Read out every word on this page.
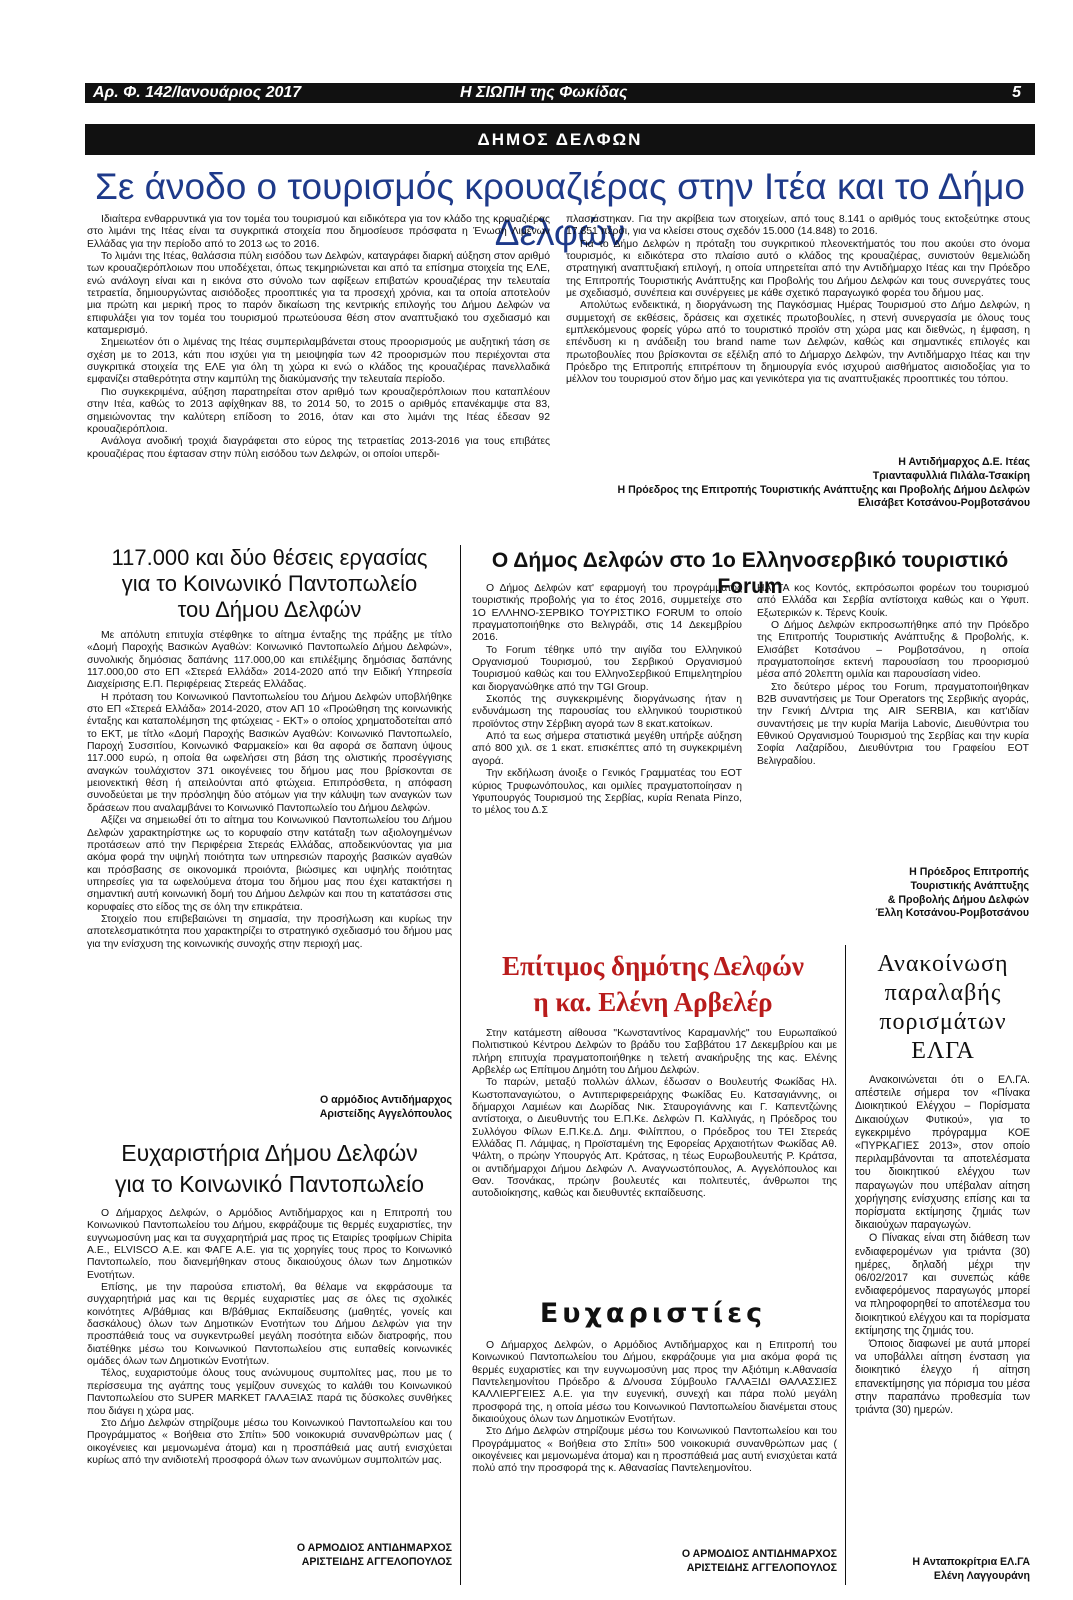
Αρ. Φ. 142/Ιανουάριος 2017	Η ΣΙΩΠΗ της Φωκίδας	5
ΔΗΜΟΣ ΔΕΛΦΩΝ
Σε άνοδο ο τουρισμός κρουαζιέρας στην Ιτέα και το Δήμο Δελφών

Ιδιαίτερα ενθαρρυντικά για τον τομέα του τουρισμού και ειδικότερα για τον κλάδο της κρουαζιέρας στο λιμάνι της Ιτέας είναι τα συγκριτικά στοιχεία που δημοσίευσε πρόσφατα η Ένωση Λιμένων Ελλάδας για την περίοδο από το 2013 ως το 2016.

Το λιμάνι της Ιτέας, θαλάσσια πύλη εισόδου των Δελφών, καταγράφει διαρκή αύξηση στον αριθμό των κρουαζιερόπλοιων που υποδέχεται, όπως τεκμηριώνεται και από τα επίσημα στοιχεία της ΕΛΕ, ενώ ανάλογη είναι και η εικόνα στο σύνολο των αφίξεων επιβατών κρουαζιέρας την τελευταία τετραετία, δημιουργώντας αισιόδοξες προοπτικές για τα προσεχή χρόνια, και τα οποία αποτελούν μια πρώτη και μερική προς το παρόν δικαίωση της κεντρικής επιλογής του Δήμου Δελφών να επιφυλάξει για τον τομέα του τουρισμού πρωτεύουσα θέση στον αναπτυξιακό του σχεδιασμό και καταμερισμό.

Σημειωτέον ότι ο λιμένας της Ιτέας συμπεριλαμβάνεται στους προορισμούς με αυξητική τάση σε σχέση με το 2013, κάτι που ισχύει για τη μειοψηφία των 42 προορισμών που περιέχονται στα συγκριτικά στοιχεία της ΕΛΕ για όλη τη χώρα κι ενώ ο κλάδος της κρουαζιέρας πανελλαδικά εμφανίζει σταθερότητα στην καμπύλη της διακύμανσής την τελευταία περίοδο.

Πιο συγκεκριμένα, αύξηση παρατηρείται στον αριθμό των κρουαζιερόπλοιων που καταπλέουν στην Ιτέα, καθώς το 2013 αφίχθηκαν 88, το 2014 50, το 2015 ο αριθμός επανέκαμψε στα 83, σημειώνοντας την καλύτερη επίδοση το 2016, όταν και στο λιμάνι της Ιτέας έδεσαν 92 κρουαζιερόπλοια.

Ανάλογα ανοδική τροχιά διαγράφεται στο εύρος της τετραετίας 2013-2016 για τους επιβάτες κρουαζιέρας που έφτασαν στην πύλη εισόδου των Δελφών, οι οποίοι υπερδι-

πλασιάστηκαν. Για την ακρίβεια των στοιχείων, από τους 8.141 ο αριθμός τους εκτοξεύτηκε στους 17.851 πέρσι, για να κλείσει στους σχεδόν 15.000 (14.848) το 2016.

Για το Δήμο Δελφών η πρόταξη του συγκριτικού πλεονεκτήματός του που ακούει στο όνομα τουρισμός, κι ειδικότερα στο πλαίσιο αυτό ο κλάδος της κρουαζιέρας, συνιστούν θεμελιώδη στρατηγική αναπτυξιακή επιλογή, η οποία υπηρετείται από την Αντιδήμαρχο Ιτέας και την Πρόεδρο της Επιτροπής Τουριστικής Ανάπτυξης και Προβολής του Δήμου Δελφών και τους συνεργάτες τους με σχεδιασμό, συνέπεια και συνέργειες με κάθε σχετικό παραγωγικό φορέα του δήμου μας.

Απολύτως ενδεικτικά, η διοργάνωση της Παγκόσμιας Ημέρας Τουρισμού στο Δήμο Δελφών, η συμμετοχή σε εκθέσεις, δράσεις και σχετικές πρωτοβουλίες, η στενή συνεργασία με όλους τους εμπλεκόμενους φορείς γύρω από το τουριστικό προϊόν στη χώρα μας και διεθνώς, η έμφαση, η επένδυση κι η ανάδειξη του brand name των Δελφών, καθώς και σημαντικές επιλογές και πρωτοβουλίες που βρίσκονται σε εξέλιξη από το Δήμαρχο Δελφών, την Αντιδήμαρχο Ιτέας και την Πρόεδρο της Επιτροπής επιτρέπουν τη δημιουργία ενός ισχυρού αισθήματος αισιοδοξίας για το μέλλον του τουρισμού στον δήμο μας και γενικότερα για τις αναπτυξιακές προοπτικές του τόπου.

Η Αντιδήμαρχος Δ.Ε. Ιτέας
Τριανταφυλλιά Πιλάλα-Τσακίρη
Η Πρόεδρος της Επιτροπής Τουριστικής Ανάπτυξης και Προβολής Δήμου Δελφών
Ελισάβετ Κοτσάνου-Ρομβοτσάνου
117.000 και δύο θέσεις εργασίας
για το Κοινωνικό Παντοπωλείο
του Δήμου Δελφών

Με απόλυτη επιτυχία στέφθηκε το αίτημα ένταξης της πράξης με τίτλο «Δομή Παροχής Βασικών Αγαθών: Κοινωνικό Παντοπωλείο Δήμου Δελφών», συνολικής δημόσιας δαπάνης 117.000,00 και επιλέξιμης δημόσιας δαπάνης 117.000,00 στο ΕΠ «Στερεά Ελλάδα» 2014-2020 από την Ειδική Υπηρεσία Διαχείρισης Ε.Π. Περιφέρειας Στερεάς Ελλάδας.

Η πρόταση του Κοινωνικού Παντοπωλείου του Δήμου Δελφών υποβλήθηκε στο ΕΠ «Στερεά Ελλάδα» 2014-2020, στον ΑΠ 10 «Προώθηση της κοινωνικής ένταξης και καταπολέμηση της φτώχειας - ΕΚΤ» ο οποίος χρηματοδοτείται από το ΕΚΤ, με τίτλο «Δομή Παροχής Βασικών Αγαθών: Κοινωνικό Παντοπωλείο, Παροχή Συσσιτίου, Κοινωνικό Φαρμακείο» και θα αφορά σε δαπανη ύψους 117.000 ευρώ, η οποία θα ωφελήσει στη βάση της ολιστικής προσέγγισης αναγκών τουλάχιστον 371 οικογένειες του δήμου μας που βρίσκονται σε μειονεκτική θέση ή απειλούνται από φτώχεια. Επιπρόσθετα, η απόφαση συνοδεύεται με την πρόσληψη δύο ατόμων για την κάλυψη των αναγκών των δράσεων που αναλαμβάνει το Κοινωνικό Παντοπωλείο του Δήμου Δελφών.

Αξίζει να σημειωθεί ότι το αίτημα του Κοινωνικού Παντοπωλείου του Δήμου Δελφών χαρακτηρίστηκε ως το κορυφαίο στην κατάταξη των αξιολογημένων προτάσεων από την Περιφέρεια Στερεάς Ελλάδας, αποδεικνύοντας για μια ακόμα φορά την υψηλή ποιότητα των υπηρεσιών παροχής βασικών αγαθών και πρόσβασης σε οικονομικά προιόντα, βιώσιμες και υψηλής ποιότητας υπηρεσίες για τα ωφελούμενα άτομα του δήμου μας που έχει κατακτήσει η σημαντική αυτή κοινωνική δομή του Δήμου Δελφών και που τη κατατάσσει στις κορυφαίες στο είδος της σε όλη την επικράτεια.

Στοιχείο που επιβεβαιώνει τη σημασία, την προσήλωση και κυρίως την αποτελεσματικότητα που χαρακτηρίζει το στρατηγικό σχεδιασμό του δήμου μας για την ενίσχυση της κοινωνικής συνοχής στην περιοχή μας.

Ο αρμόδιος Αντιδήμαρχος
Αριστείδης Αγγελόπουλος
Ευχαριστήρια Δήμου Δελφών
για το Κοινωνικό Παντοπωλείο

Ο Δήμαρχος Δελφών, ο Αρμόδιος Αντιδήμαρχος και η Επιτροπή του Κοινωνικού Παντοπωλείου του Δήμου, εκφράζουμε τις θερμές ευχαριστίες, την ευγνωμοσύνη μας και τα συγχαρητήριά μας προς τις Εταιρίες τροφίμων Chipita Α.Ε., ELVISCO Α.Ε. και ΦΑΓΕ Α.Ε. για τις χορηγίες τους προς το Κοινωνικό Παντοπωλείο, που διανεμήθηκαν στους δικαιούχους όλων των Δημοτικών Ενοτήτων.

Επίσης, με την παρούσα επιστολή, θα θέλαμε να εκφράσουμε τα συγχαρητήριά μας και τις θερμές ευχαριστίες μας σε όλες τις σχολικές κοινότητες Α/βάθμιας και Β/βάθμιας Εκπαίδευσης (μαθητές, γονείς και δασκάλους) όλων των Δημοτικών Ενοτήτων του Δήμου Δελφών για την προσπάθειά τους να συγκεντρωθεί μεγάλη ποσότητα ειδών διατροφής, που διατέθηκε μέσω του Κοινωνικού Παντοπωλείου στις ευπαθείς κοινωνικές ομάδες όλων των Δημοτικών Ενοτήτων.

Τέλος, ευχαριστούμε όλους τους ανώνυμους συμπολίτες μας, που με το περίσσευμα της αγάπης τους γεμίζουν συνεχώς το καλάθι του Κοινωνικού Παντοπωλείου στο SUPER MARKET ΓΑΛΑΞΙΑΣ παρά τις δύσκολες συνθήκες που διάγει η χώρα μας.

Στο Δήμο Δελφών στηρίζουμε μέσω του Κοινωνικού Παντοπωλείου και του Προγράμματος « Βοήθεια στο Σπίτι» 500 νοικοκυριά συνανθρώπων μας ( οικογένειες και μεμονωμένα άτομα) και η προσπάθειά μας αυτή ενισχύεται κυρίως από την ανιδιοτελή προσφορά όλων των ανωνύμων συμπολιτών μας.

Ο ΑΡΜΟΔΙΟΣ ΑΝΤΙΔΗΜΑΡΧΟΣ
ΑΡΙΣΤΕΙΔΗΣ ΑΓΓΕΛΟΠΟΥΛΟΣ
Ο Δήμος Δελφών στο 1ο Ελληνοσερβικό τουριστικό Forum

Ο Δήμος Δελφών κατ' εφαρμογή του προγράμματος τουριστικής προβολής για το έτος 2016, συμμετείχε στο 1Ο ΕΛΛΗΝΟ-ΣΕΡΒΙΚΟ ΤΟΥΡΙΣΤΙΚΟ FORUM το οποίο πραγματοποιήθηκε στο Βελιγράδι, στις 14 Δεκεμβρίου 2016.

Το Forum τέθηκε υπό την αιγίδα του Ελληνικού Οργανισμού Τουρισμού, του Σερβικού Οργανισμού Τουρισμού καθώς και του ΕλληνοΣερβικού Επιμελητηρίου και διοργανώθηκε από την TGI Group.

Σκοπός της συγκεκριμένης διοργάνωσης ήταν η ενδυνάμωση της παρουσίας του ελληνικού τουριστικού προϊόντος στην Σέρβικη αγορά των 8 εκατ.κατοίκων.

Από τα εως σήμερα στατιστικά μεγέθη υπήρξε αύξηση από 800 χιλ. σε 1 εκατ. επισκέπτες από τη συγκεκριμένη αγορά.

Την εκδήλωση άνοιξε ο Γενικός Γραμματέας του ΕΟΤ κύριος Τρυφωνόπουλος, και ομιλίες πραγματοποίησαν η Υφυπουργός Τουρισμού της Σερβίας, κυρία Renata Pinzo, το μέλος του Δ.Σ

HATTA κος Κοντός, εκπρόσωποι φορέων του τουρισμού από Ελλάδα και Σερβία αντίστοιχα καθώς και ο Υφυπ. Εξωτερικών κ. Τέρενς Κουίκ.

Ο Δήμος Δελφών εκπροσωπήθηκε από την Πρόεδρο της Επιτροπής Τουριστικής Ανάπτυξης & Προβολής, κ. Ελισάβετ Κοτσάνου – Ρομβοτσάνου, η οποία πραγματοποίησε εκτενή παρουσίαση του προορισμού μέσα από 20λεπτη ομιλία και παρουσίαση video.

Στο δεύτερο μέρος του Forum, πραγματοποιήθηκαν B2B συναντήσεις με Tour Operators της Σερβικής αγοράς, την Γενική Δ/ντρια της AIR SERBIA, και κατ'ιδίαν συναντήσεις με την κυρία Marija Labovic, Διευθύντρια του Εθνικού Οργανισμού Τουρισμού της Σερβίας και την κυρία Σοφία Λαζαρίδου, Διευθύντρια του Γραφείου ΕΟΤ Βελιγραδίου.

Η Πρόεδρος Επιτροπής
Τουριστικής Ανάπτυξης
& Προβολής Δήμου Δελφών
Έλλη Κοτσάνου-Ρομβοτσάνου
Επίτιμος δημότης Δελφών
η κα. Ελένη Αρβελέρ

Στην κατάμεστη αίθουσα "Κωνσταντίνος Καραμανλής" του Ευρωπαϊκού Πολιτιστικού Κέντρου Δελφών το βράδυ του Σαββάτου 17 Δεκεμβρίου και με πλήρη επιτυχία πραγματοποιήθηκε η τελετή ανακήρυξης της κας. Ελένης Αρβελέρ ως Επίτιμου Δημότη του Δήμου Δελφών.

Το παρών, μεταξύ πολλών άλλων, έδωσαν ο Βουλευτής Φωκίδας Ηλ. Κωστοπαναγιώτου, ο Αντιπεριφερειάρχης Φωκίδας Ευ. Κατσαγιάννης, οι δήμαρχοι Λαμιέων και Δωρίδας Νικ. Σταυρογιάννης και Γ. Καπεντζώνης αντίστοιχα, ο Διευθυντής του Ε.Π.Κε. Δελφών Π. Καλλιγάς, η Πρόεδρος του Συλλόγου Φίλων Ε.Π.Κε.Δ. Δημ. Φιλίππου, ο Πρόεδρος του ΤΕΙ Στερεάς Ελλάδας Π. Λάμψας, η Προϊσταμένη της Εφορείας Αρχαιοτήτων Φωκίδας Αθ. Ψάλτη, ο πρώην Υπουργός Απ. Κράτσας, η τέως Ευρωβουλευτής Ρ. Κράτσα, οι αντιδήμαρχοι Δήμου Δελφών Λ. Αναγνωστόπουλος, Α. Αγγελόπουλος και Θαν. Τσονάκας, πρώην βουλευτές και πολιτευτές, άνθρωποι της αυτοδιοίκησης, καθώς και διευθυντές εκπαίδευσης.

Ευχαριστίες

Ο Δήμαρχος Δελφών, ο Αρμόδιος Αντιδήμαρχος και η Επιτροπή του Κοινωνικού Παντοπωλείου του Δήμου, εκφράζουμε για μια ακόμα φορά τις θερμές ευχαριστίες και την ευγνωμοσύνη μας προς την Αξιότιμη κ.Αθανασία Παντελεημονίτου Πρόεδρο & Δ/νουσα Σύμβουλο ΓΑΛΑΞΙΔΙ ΘΑΛΑΣΣΙΕΣ ΚΑΛΛΙΕΡΓΕΙΕΣ Α.Ε. για την ευγενική, συνεχή και πάρα πολύ μεγάλη προσφορά της, η οποία μέσω του Κοινωνικού Παντοπωλείου διανέμεται στους δικαιούχους όλων των Δημοτικών Ενοτήτων.

Στο Δήμο Δελφών στηρίζουμε μέσω του Κοινωνικού Παντοπωλείου και του Προγράμματος « Βοήθεια στο Σπίτι» 500 νοικοκυριά συνανθρώπων μας ( οικογένειες και μεμονωμένα άτομα) και η προσπάθειά μας αυτή ενισχύεται κατά πολύ από την προσφορά της κ. Αθανασίας Παντελεημονίτου.

Ο ΑΡΜΟΔΙΟΣ ΑΝΤΙΔΗΜΑΡΧΟΣ
ΑΡΙΣΤΕΙΔΗΣ ΑΓΓΕΛΟΠΟΥΛΟΣ
Ανακοίνωση
παραλαβής
πορισμάτων
ΕΛΓΑ

Ανακοινώνεται ότι ο ΕΛ.ΓΑ. απέστειλε σήμερα τον «Πίνακα Διοικητικού Ελέγχου – Πορίσματα Δικαιούχων Φυτικού», για το εγκεκριμένο πρόγραμμα ΚΟΕ «ΠΥΡΚΑΓΙΕΣ 2013», στον οποίο περιλαμβάνονται τα αποτελέσματα του διοικητικού ελέγχου των παραγωγών που υπέβαλαν αίτηση χορήγησης ενίσχυσης επίσης και τα πορίσματα εκτίμησης ζημιάς των δικαιούχων παραγωγών.

Ο Πίνακας είναι στη διάθεση των ενδιαφερομένων για τριάντα (30) ημέρες, δηλαδή μέχρι την 06/02/2017 και συνεπώς κάθε ενδιαφερόμενος παραγωγός μπορεί να πληροφορηθεί το αποτέλεσμα του διοικητικού ελέγχου και τα πορίσματα εκτίμησης της ζημιάς του.

Όποιος διαφωνεί με αυτά μπορεί να υποβάλλει αίτηση ένσταση για διοικητικό έλεγχο ή αίτηση επανεκτίμησης για πόρισμα του μέσα στην παραπάνω προθεσμία των τριάντα (30) ημερών.

Η Ανταποκρίτρια ΕΛ.ΓΑ
Ελένη Λαγγουράνη
